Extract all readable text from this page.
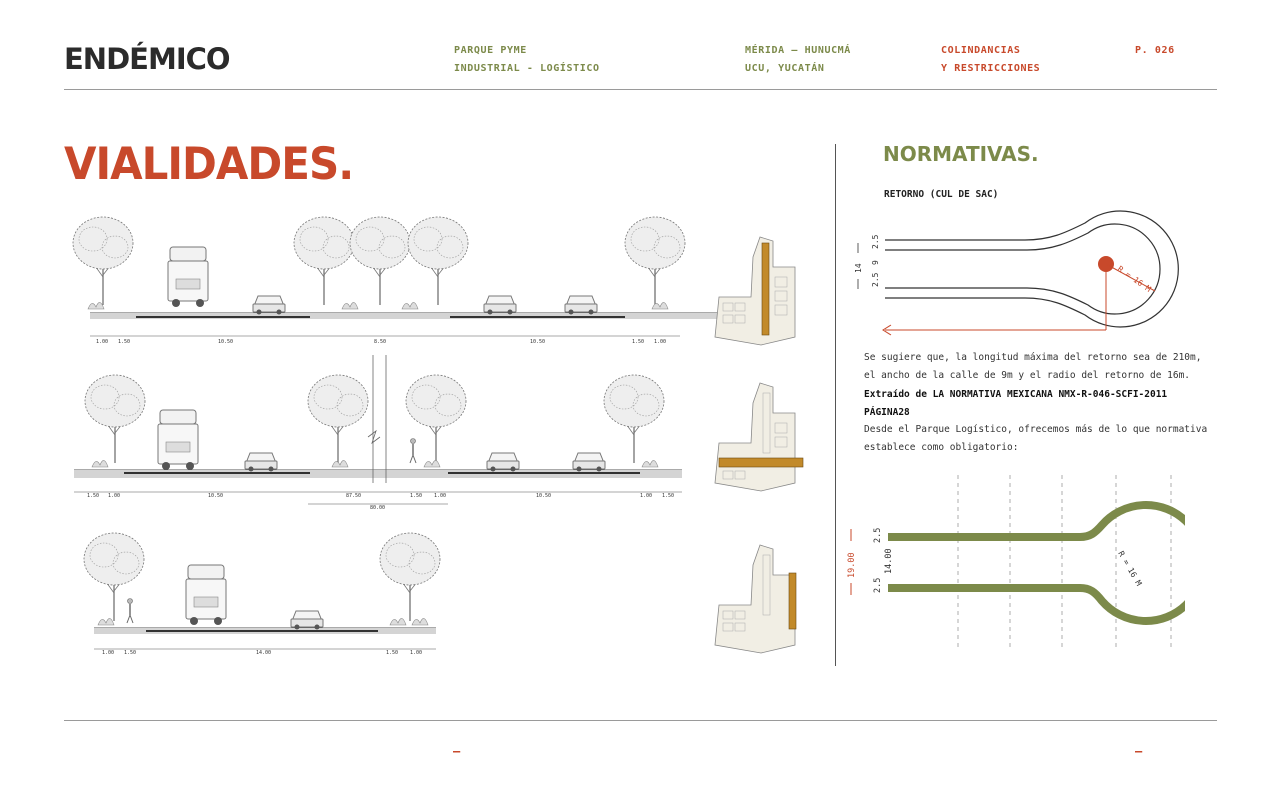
ENDÉMICO	PARQUE PYME
INDUSTRIAL - LOGÍSTICO
MÉRIDA — HUNUCMÁ
UCU, YUCATÁN
COLINDANCIAS
Y RESTRICCIONES
P. 026
VIALIDADES.
1.00 1.50	10.50	8.50	10.50	1.50 1.00
1.50 1.00	10.50	87.50	1.50 1.00	10.50	1.00 1.50
80.00
1.00 1.50	14.00	1.50 1.00
NORMATIVAS.
RETORNO (CUL DE SAC)
R = 16 M
14
2.5
9
2.5
Se sugiere que, la longitud máxima del retorno sea de 210m, el ancho de la calle de 9m y el radio del retorno de 16m.
Extraído de LA NORMATIVA MEXICANA NMX-R-046-SCFI-2011 PÁGINA28
Desde el Parque Logístico, ofrecemos más de lo que normativa establece como obligatorio:
R = 16 M
19.00
2.5
14.00
2.5
–	–
